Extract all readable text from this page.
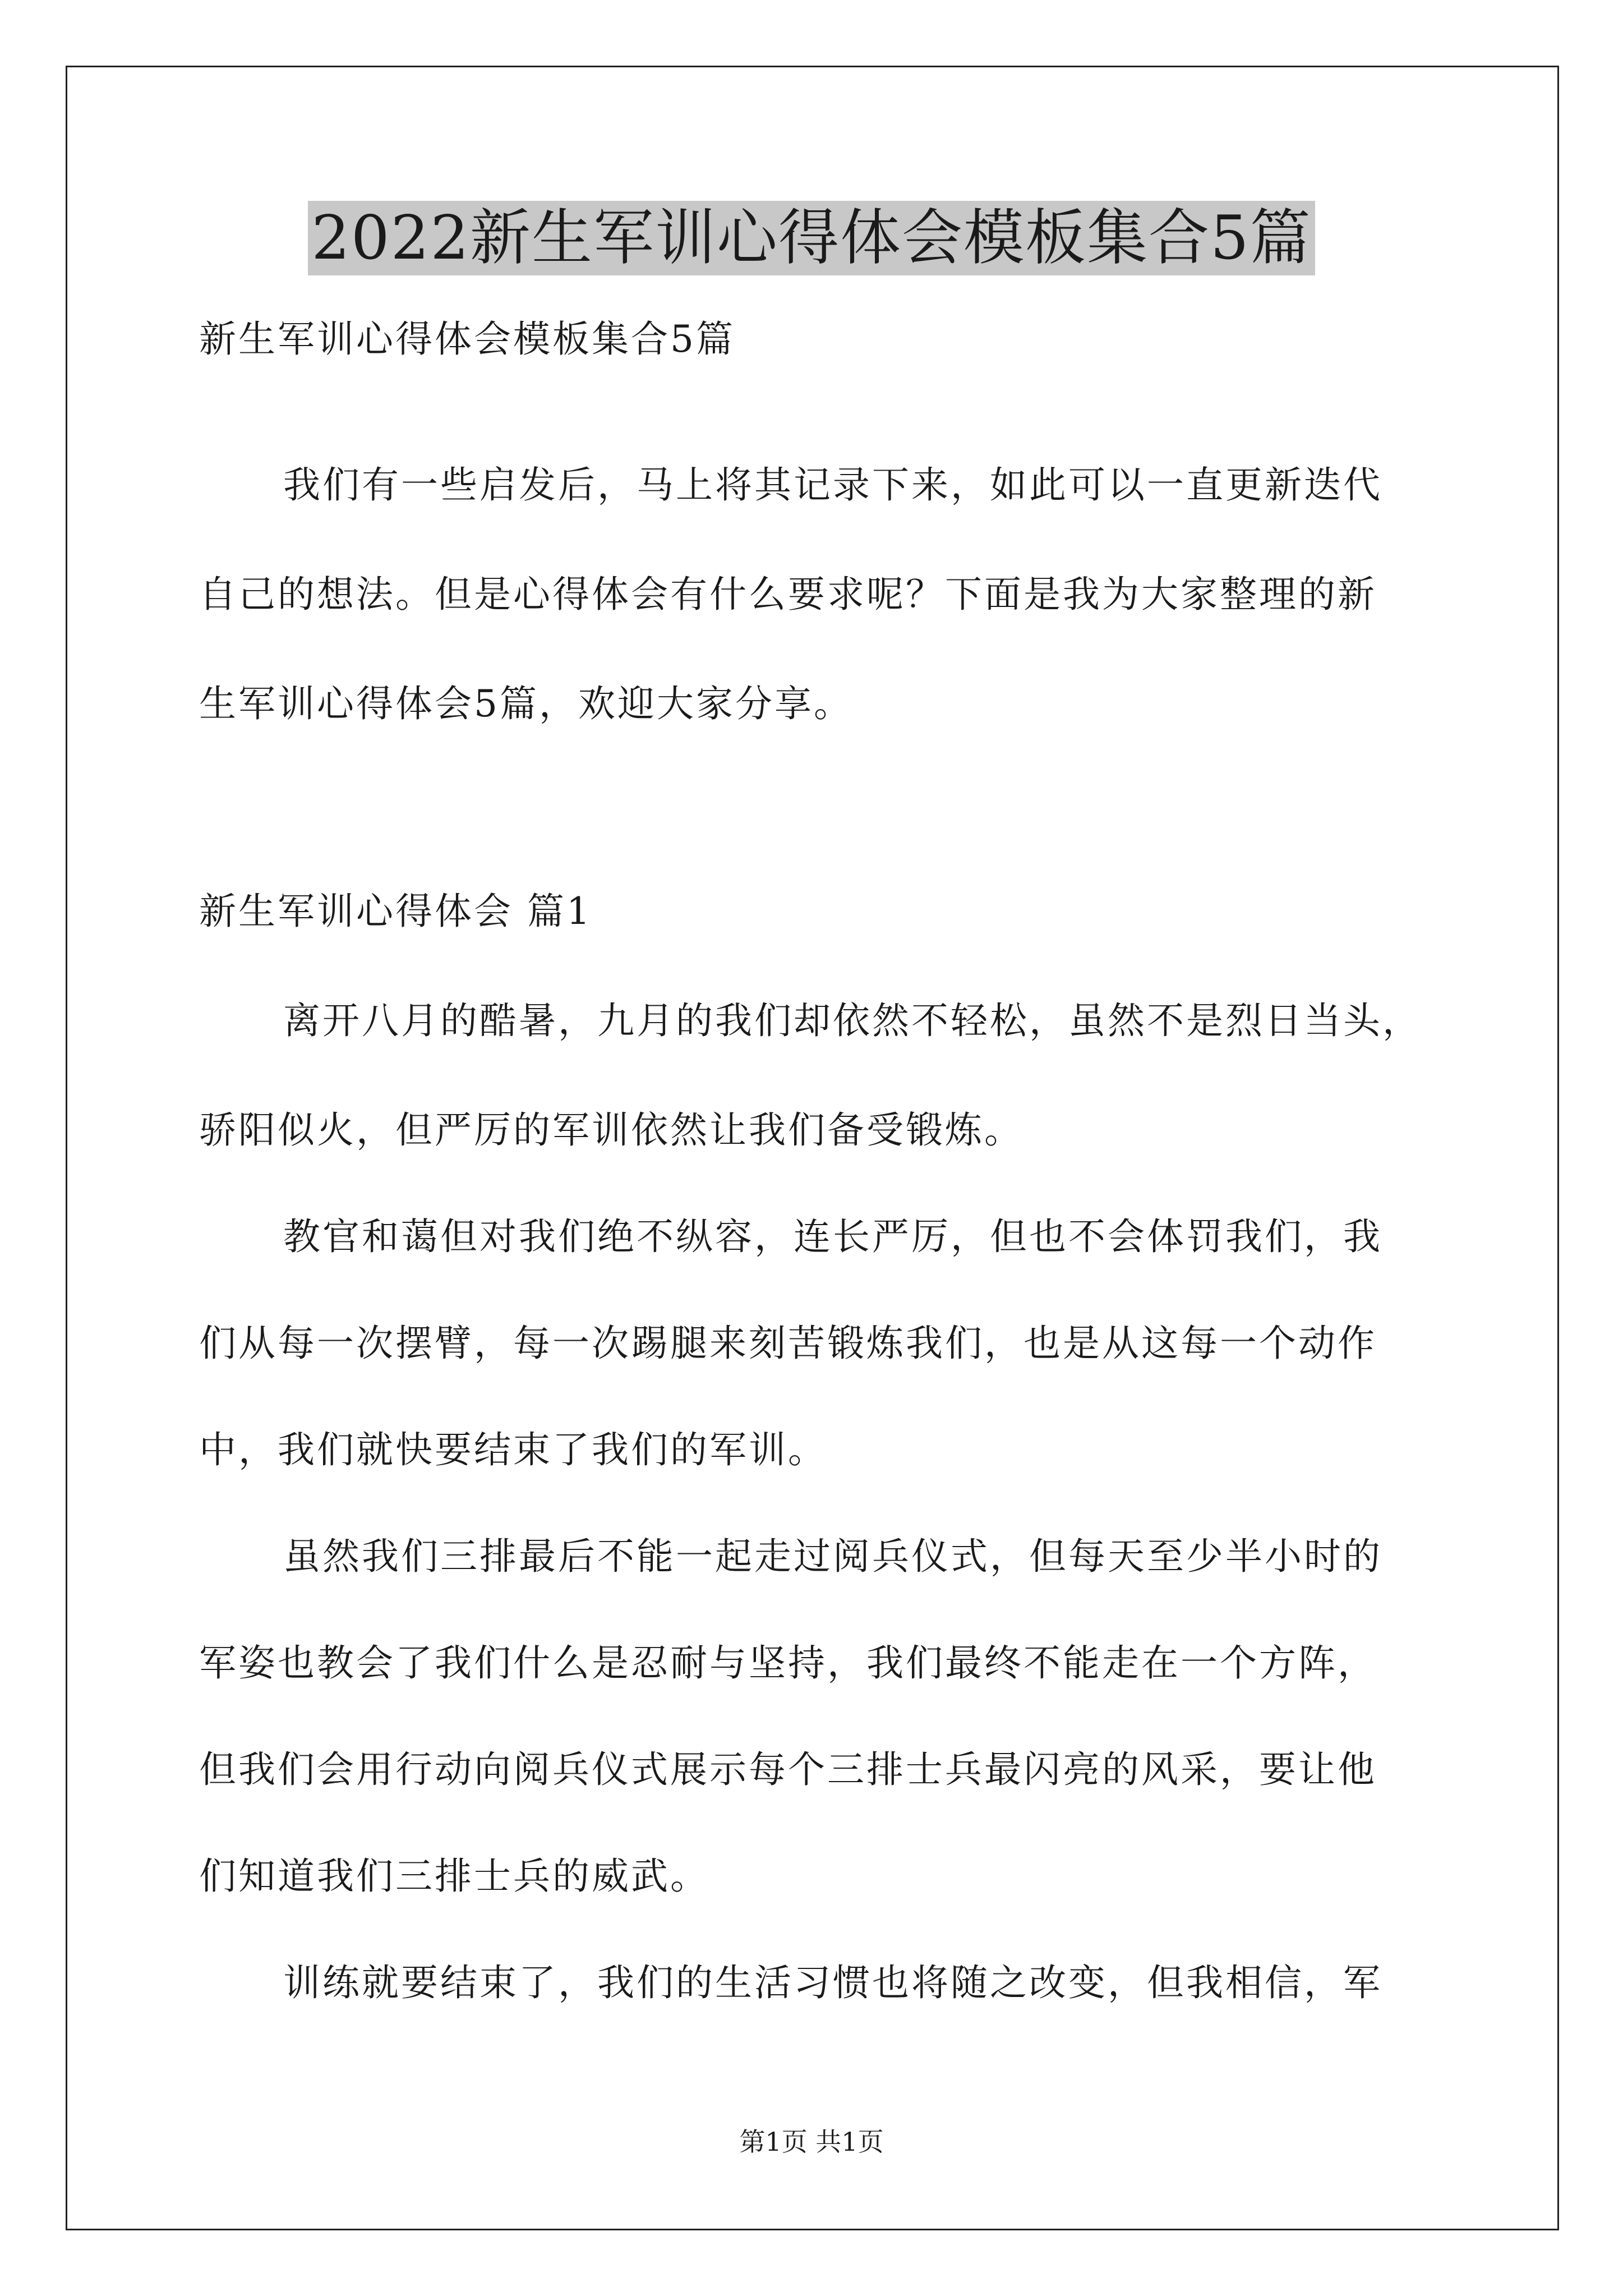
2022新生军训心得体会模板集合5篇

新生军训心得体会模板集合5篇

我们有一些启发后，马上将其记录下来，如此可以一直更新迭代

自己的想法。但是心得体会有什么要求呢？下面是我为大家整理的新

生军训心得体会5篇，欢迎大家分享。

新生军训心得体会 篇1

离开八月的酷暑，九月的我们却依然不轻松，虽然不是烈日当头，

骄阳似火，但严厉的军训依然让我们备受锻炼。

教官和蔼但对我们绝不纵容，连长严厉，但也不会体罚我们，我

们从每一次摆臂，每一次踢腿来刻苦锻炼我们，也是从这每一个动作

中，我们就快要结束了我们的军训。

虽然我们三排最后不能一起走过阅兵仪式，但每天至少半小时的

军姿也教会了我们什么是忍耐与坚持，我们最终不能走在一个方阵，

但我们会用行动向阅兵仪式展示每个三排士兵最闪亮的风采，要让他

们知道我们三排士兵的威武。

训练就要结束了，我们的生活习惯也将随之改变，但我相信，军

第1页 共1页
